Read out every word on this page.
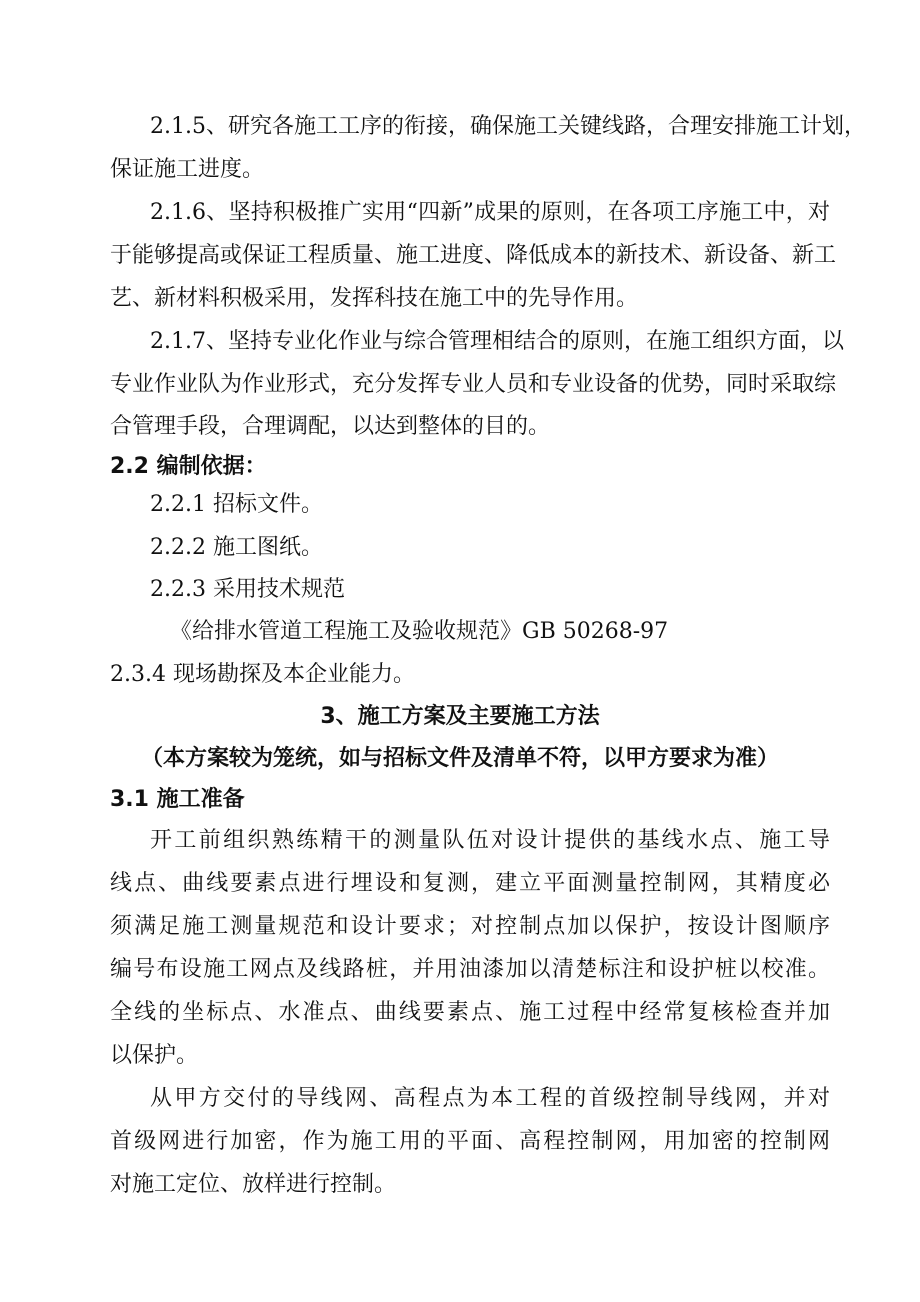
2.1.5、研究各施工工序的衔接，确保施工关键线路，合理安排施工计划，
保证施工进度。
2.1.6、坚持积极推广实用“四新”成果的原则，在各项工序施工中，对
于能够提高或保证工程质量、施工进度、降低成本的新技术、新设备、新工
艺、新材料积极采用，发挥科技在施工中的先导作用。
2.1.7、坚持专业化作业与综合管理相结合的原则，在施工组织方面，以
专业作业队为作业形式，充分发挥专业人员和专业设备的优势，同时采取综
合管理手段，合理调配，以达到整体的目的。
2.2 编制依据：
2.2.1 招标文件。
2.2.2 施工图纸。
2.2.3 采用技术规范
《给排水管道工程施工及验收规范》GB 50268-97
2.3.4 现场勘探及本企业能力。
3、施工方案及主要施工方法
（本方案较为笼统，如与招标文件及清单不符，以甲方要求为准）
3.1 施工准备
开工前组织熟练精干的测量队伍对设计提供的基线水点、施工导
线点、曲线要素点进行埋设和复测，建立平面测量控制网，其精度必
须满足施工测量规范和设计要求；对控制点加以保护，按设计图顺序
编号布设施工网点及线路桩，并用油漆加以清楚标注和设护桩以校准。
全线的坐标点、水准点、曲线要素点、施工过程中经常复核检查并加
以保护。
从甲方交付的导线网、高程点为本工程的首级控制导线网，并对
首级网进行加密，作为施工用的平面、高程控制网，用加密的控制网
对施工定位、放样进行控制。
